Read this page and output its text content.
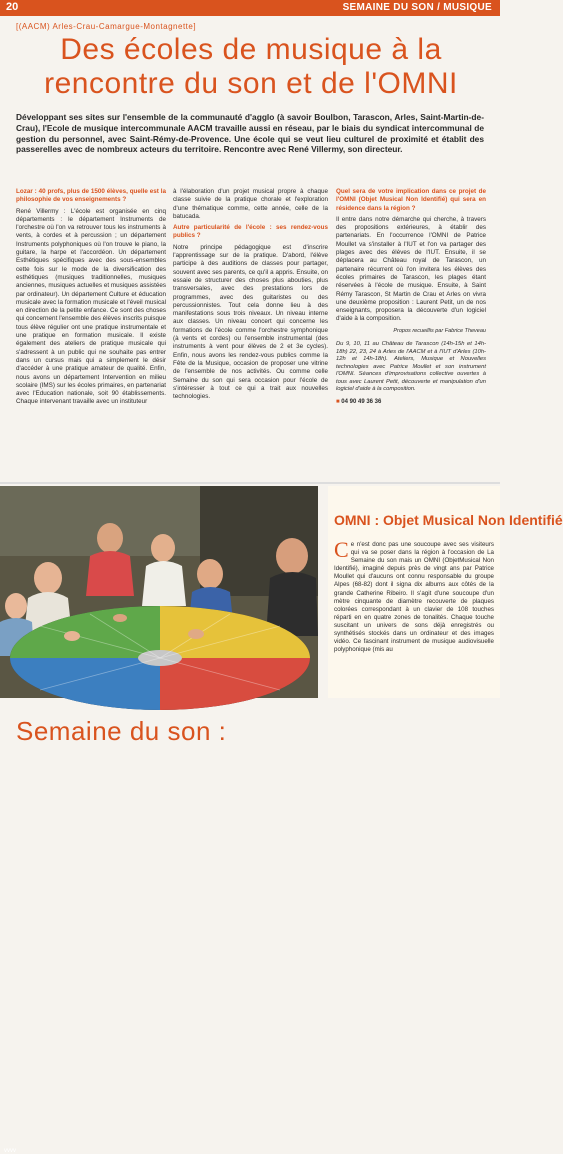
20	SEMAINE DU SON / MUSIQUE
[(AACM) Arles-Crau-Camargue-Montagnette]
Des écoles de musique à la rencontre du son et de l'OMNI

Développant ses sites sur l'ensemble de la communauté d'agglo (à savoir Boulbon, Tarascon, Arles, Saint-Martin-de-Crau), l'Ecole de musique intercommunale AACM travaille aussi en réseau, par le biais du syndicat intercommunal de gestion du personnel, avec Saint-Rémy-de-Provence. Une école qui se veut lieu culturel de proximité et établit des passerelles avec de nombreux acteurs du territoire. Rencontre avec René Villermy, son directeur.

Lozar : 40 profs, plus de 1500 élèves, quelle est la philosophie de vos enseignements ?

René Villermy : L'école est organisée en cinq départements : le département Instruments de l'orchestre où l'on va retrouver tous les instruments à vents, à cordes et à percussion ; un département Instruments polyphoniques où l'on trouve le piano, la guitare, la harpe et l'accordéon. Un département Esthétiques spécifiques avec des sous-ensembles cette fois sur le mode de la diversification des esthétiques (musiques traditionnelles, musiques anciennes, musiques actuelles et musiques assistées par ordinateur). Un département Culture et éducation musicale avec la formation musicale et l'éveil musical en direction de la petite enfance. Ce sont des choses qui concernent l'ensemble des élèves inscrits puisque tous élève régulier ont une pratique instrumentale et une pratique en formation musicale. Il existe également des ateliers de pratique musicale qui s'adressent à un public qui ne souhaite pas entrer dans un cursus mais qui a simplement le désir d'accéder à une pratique amateur de qualité. Enfin, nous avons un département Intervention en milieu scolaire (IMS) sur les écoles primaires, en partenariat avec l'Education nationale, soit 90 établissements. Chaque intervenant travaille avec un instituteur

à l'élaboration d'un projet musical propre à chaque classe suivie de la pratique chorale et l'exploration d'une thématique comme, cette année, celle de la batucada.

Autre particularité de l'école : ses rendez-vous publics ?

Notre principe pédagogique est d'inscrire l'apprentissage sur de la pratique. D'abord, l'élève participe à des auditions de classes pour partager, souvent avec ses parents, ce qu'il a appris. Ensuite, on essaie de structurer des choses plus abouties, plus transversales, avec des prestations lors de programmes, avec des guitaristes ou des percussionnistes. Tout cela donne lieu à des manifestations sous trois niveaux. Un niveau interne aux classes. Un niveau concert qui concerne les formations de l'école comme l'orchestre symphonique (à vents et cordes) ou l'ensemble instrumental (des instruments à vent pour élèves de 2 et 3e cycles). Enfin, nous avons les rendez-vous publics comme la Fête de la Musique, occasion de proposer une vitrine de l'ensemble de nos activités. Ou comme celle Semaine du son qui sera occasion pour l'école de s'intéresser à tout ce qui a trait aux nouvelles technologies.

Quel sera de votre implication dans ce projet de l'OMNI (Objet Musical Non Identifié) qui sera en résidence dans la région ?

Il entre dans notre démarche qui cherche, à travers des propositions extérieures, à établir des partenariats. En l'occurrence l'OMNI de Patrice Moullet va s'installer à l'IUT et l'on va partager des plages avec des élèves de l'IUT. Ensuite, il se déplacera au Château royal de Tarascon, un partenaire récurrent où l'on invitera les élèves des écoles primaires de Tarascon, les plages étant réservées à l'école de musique. Ensuite, à Saint Rémy Tarascon, St Martin de Crau et Arles on vivra une deuxième proposition : Laurent Petit, un de nos enseignants, proposera la découverte d'un logiciel d'aide à la composition.

Propos recueillis par Fabrice Theveau

Du 9, 10, 11 au Château de Tarascon (14h-15h et 14h-18h) 22, 23, 24 à Arles de l'AACM et à l'IUT d'Arles (10h-12h et 14h-18h). Ateliers, Musique et Nouvelles technologies avec Patrice Moullet et son instrument l'OMNI. Séances d'improvisations collective ouvertes à tous avec Laurent Petit, découverte et manipulation d'un logiciel d'aide à la composition.

■ 04 90 49 36 36

vvvv
OMNI : Objet Musical Non Identifié
Ce n'est donc pas une soucoupe avec ses visiteurs qui va se poser dans la région à l'occasion de La Semaine du son mais un OMNI (ObjetMusical Non Identifié), imaginé depuis près de vingt ans par Patrice Moullet qui d'aucuns ont connu responsable du groupe Alpes (68-82) dont il signa dix albums aux côtés de la grande Catherine Ribeiro. Il s'agit d'une soucoupe d'un mètre cinquante de diamètre recouverte de plaques colorées correspondant à un clavier de 108 touches réparti en en quatre zones de tonalités. Chaque touche suscitant un univers de sons déjà enregistrés ou synthétisés stockés dans un ordinateur et des images vidéo. Ce fascinant instrument de musique audiovisuelle polyphonique (mis au
Semaine du son :
